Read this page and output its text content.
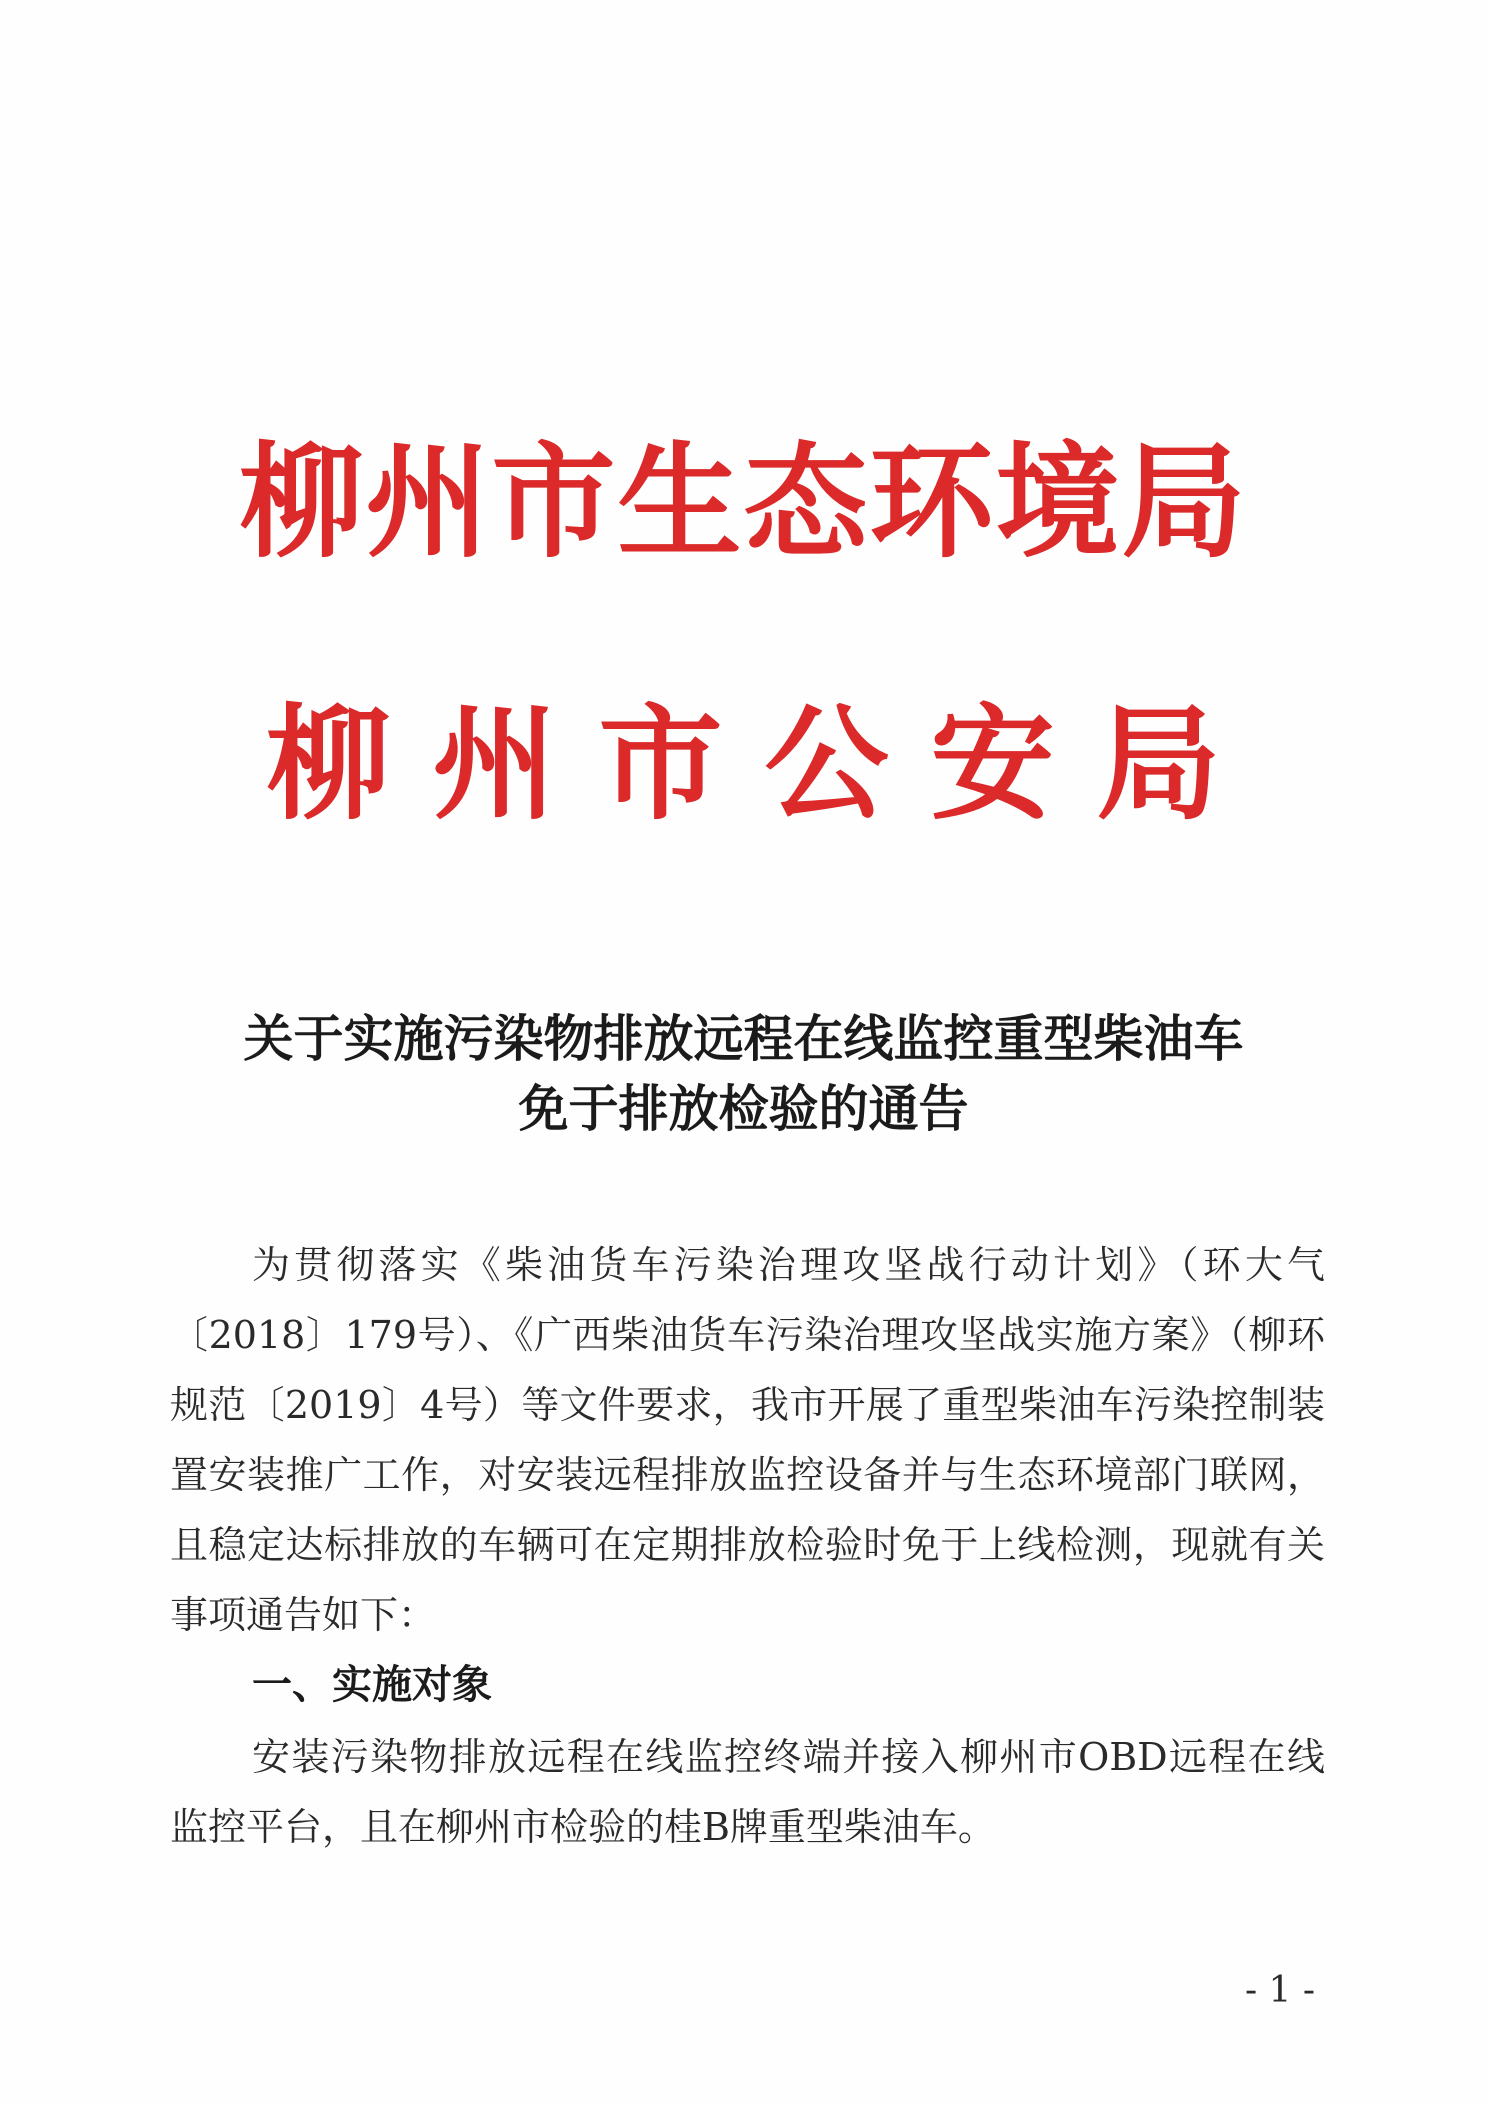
柳州市生态环境局
柳州市公安局
关于实施污染物排放远程在线监控重型柴油车
免于排放检验的通告
为贯彻落实《柴油货车污染治理攻坚战行动计划》（环大气〔2018〕179号）、《广西柴油货车污染治理攻坚战实施方案》（柳环规范〔2019〕4号）等文件要求，我市开展了重型柴油车污染控制装置安装推广工作，对安装远程排放监控设备并与生态环境部门联网，且稳定达标排放的车辆可在定期排放检验时免于上线检测，现就有关事项通告如下：
一、实施对象
安装污染物排放远程在线监控终端并接入柳州市OBD远程在线监控平台，且在柳州市检验的桂B牌重型柴油车。
- 1 -
